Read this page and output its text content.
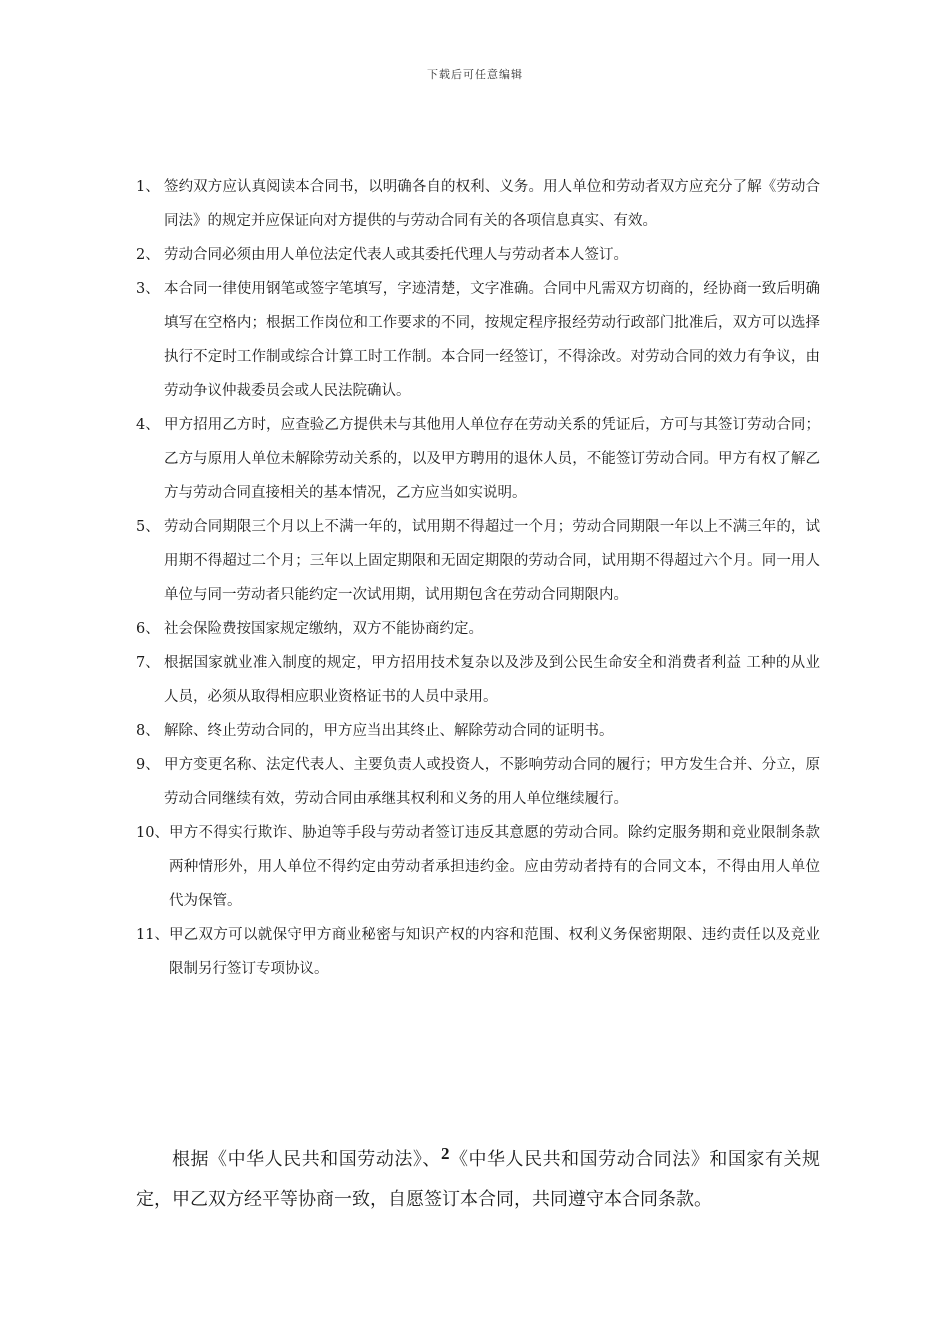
下载后可任意编辑
1、 签约双方应认真阅读本合同书，以明确各自的权利、义务。用人单位和劳动者双方应充分了解《劳动合同法》的规定并应保证向对方提供的与劳动合同有关的各项信息真实、有效。
2、 劳动合同必须由用人单位法定代表人或其委托代理人与劳动者本人签订。
3、 本合同一律使用钢笔或签字笔填写，字迹清楚，文字准确。合同中凡需双方切商的，经协商一致后明确填写在空格内；根据工作岗位和工作要求的不同，按规定程序报经劳动行政部门批准后，双方可以选择执行不定时工作制或综合计算工时工作制。本合同一经签订，不得涂改。对劳动合同的效力有争议，由劳动争议仲裁委员会或人民法院确认。
4、 甲方招用乙方时，应查验乙方提供未与其他用人单位存在劳动关系的凭证后，方可与其签订劳动合同；乙方与原用人单位未解除劳动关系的，以及甲方聘用的退休人员，不能签订劳动合同。甲方有权了解乙方与劳动合同直接相关的基本情况，乙方应当如实说明。
5、 劳动合同期限三个月以上不满一年的，试用期不得超过一个月；劳动合同期限一年以上不满三年的，试用期不得超过二个月；三年以上固定期限和无固定期限的劳动合同，试用期不得超过六个月。同一用人单位与同一劳动者只能约定一次试用期，试用期包含在劳动合同期限内。
6、 社会保险费按国家规定缴纳，双方不能协商约定。
7、 根据国家就业准入制度的规定，甲方招用技术复杂以及涉及到公民生命安全和消费者利益 工种的从业人员，必须从取得相应职业资格证书的人员中录用。
8、 解除、终止劳动合同的，甲方应当出其终止、解除劳动合同的证明书。
9、 甲方变更名称、法定代表人、主要负责人或投资人，不影响劳动合同的履行；甲方发生合并、分立，原劳动合同继续有效，劳动合同由承继其权利和义务的用人单位继续履行。
10、 甲方不得实行欺诈、胁迫等手段与劳动者签订违反其意愿的劳动合同。除约定服务期和竞业限制条款两种情形外，用人单位不得约定由劳动者承担违约金。应由劳动者持有的合同文本，不得由用人单位代为保管。
11、 甲乙双方可以就保守甲方商业秘密与知识产权的内容和范围、权利义务保密期限、违约责任以及竞业限制另行签订专项协议。
根据《中华人民共和国劳动法》、2《中华人民共和国劳动合同法》和国家有关规定，甲乙双方经平等协商一致，自愿签订本合同，共同遵守本合同条款。
